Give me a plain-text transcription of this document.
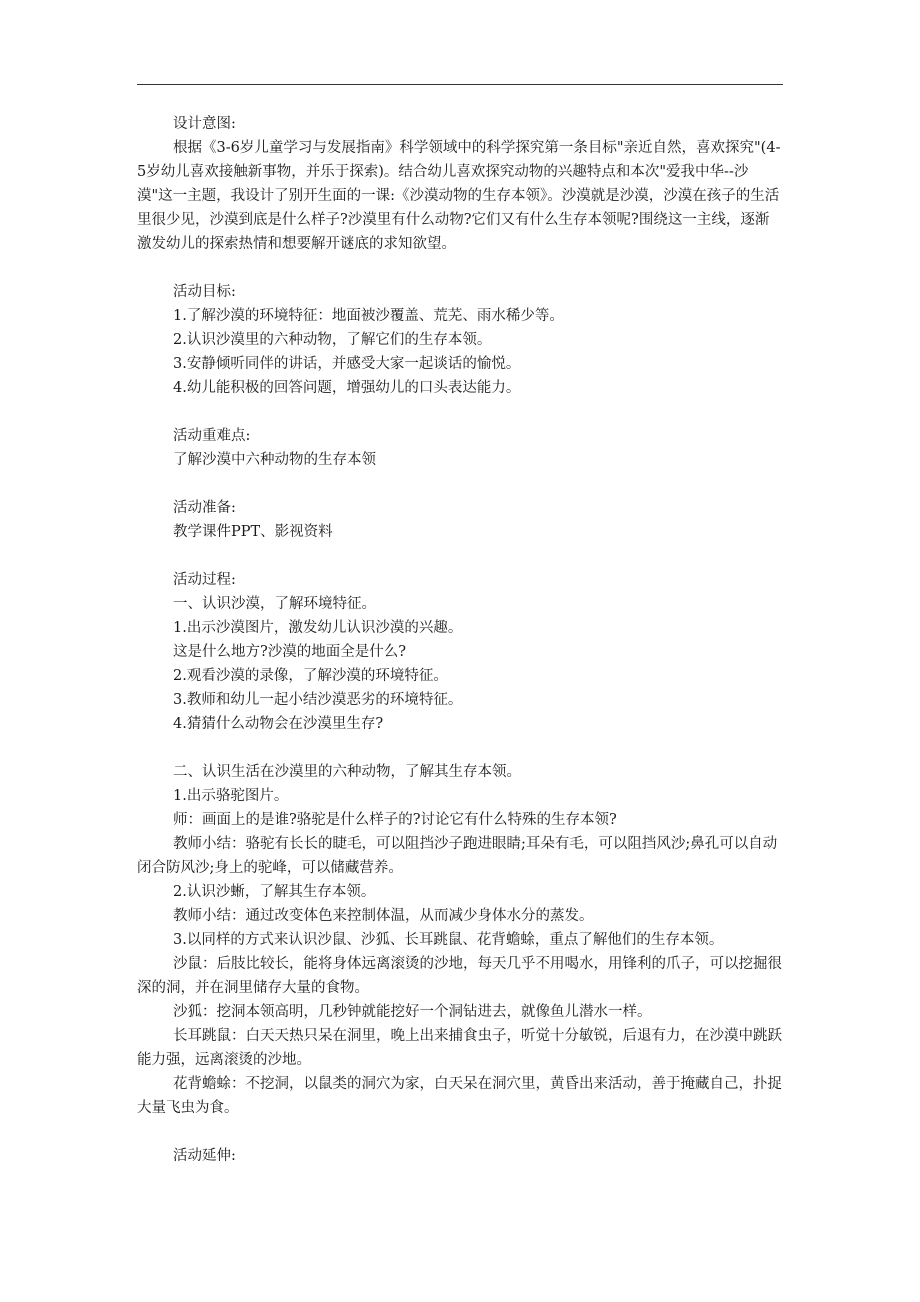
设计意图:

根据《3-6岁儿童学习与发展指南》科学领域中的科学探究第一条目标"亲近自然，喜欢探究"(4-5岁幼儿喜欢接触新事物，并乐于探索)。结合幼儿喜欢探究动物的兴趣特点和本次"爱我中华--沙漠"这一主题，我设计了别开生面的一课:《沙漠动物的生存本领》。沙漠就是沙漠，沙漠在孩子的生活里很少见，沙漠到底是什么样子?沙漠里有什么动物?它们又有什么生存本领呢?围绕这一主线，逐渐激发幼儿的探索热情和想要解开谜底的求知欲望。

活动目标:

1.了解沙漠的环境特征：地面被沙覆盖、荒芜、雨水稀少等。

2.认识沙漠里的六种动物，了解它们的生存本领。

3.安静倾听同伴的讲话，并感受大家一起谈话的愉悦。

4.幼儿能积极的回答问题，增强幼儿的口头表达能力。

活动重难点:

了解沙漠中六种动物的生存本领

活动准备:

教学课件PPT、影视资料

活动过程:

一、认识沙漠，了解环境特征。

1.出示沙漠图片，激发幼儿认识沙漠的兴趣。

这是什么地方?沙漠的地面全是什么?

2.观看沙漠的录像，了解沙漠的环境特征。

3.教师和幼儿一起小结沙漠恶劣的环境特征。

4.猜猜什么动物会在沙漠里生存?

二、认识生活在沙漠里的六种动物，了解其生存本领。

1.出示骆驼图片。

师：画面上的是谁?骆驼是什么样子的?讨论它有什么特殊的生存本领?

教师小结：骆驼有长长的睫毛，可以阻挡沙子跑进眼睛;耳朵有毛，可以阻挡风沙;鼻孔可以自动闭合防风沙;身上的驼峰，可以储藏营养。

2.认识沙蜥，了解其生存本领。

教师小结：通过改变体色来控制体温，从而减少身体水分的蒸发。

3.以同样的方式来认识沙鼠、沙狐、长耳跳鼠、花背蟾蜍，重点了解他们的生存本领。

沙鼠：后肢比较长，能将身体远离滚烫的沙地，每天几乎不用喝水，用锋利的爪子，可以挖掘很深的洞，并在洞里储存大量的食物。

沙狐：挖洞本领高明，几秒钟就能挖好一个洞钻进去，就像鱼儿潜水一样。

长耳跳鼠：白天天热只呆在洞里，晚上出来捕食虫子，听觉十分敏锐，后退有力，在沙漠中跳跃能力强，远离滚烫的沙地。

花背蟾蜍：不挖洞，以鼠类的洞穴为家，白天呆在洞穴里，黄昏出来活动，善于掩藏自己，扑捉大量飞虫为食。

活动延伸:
